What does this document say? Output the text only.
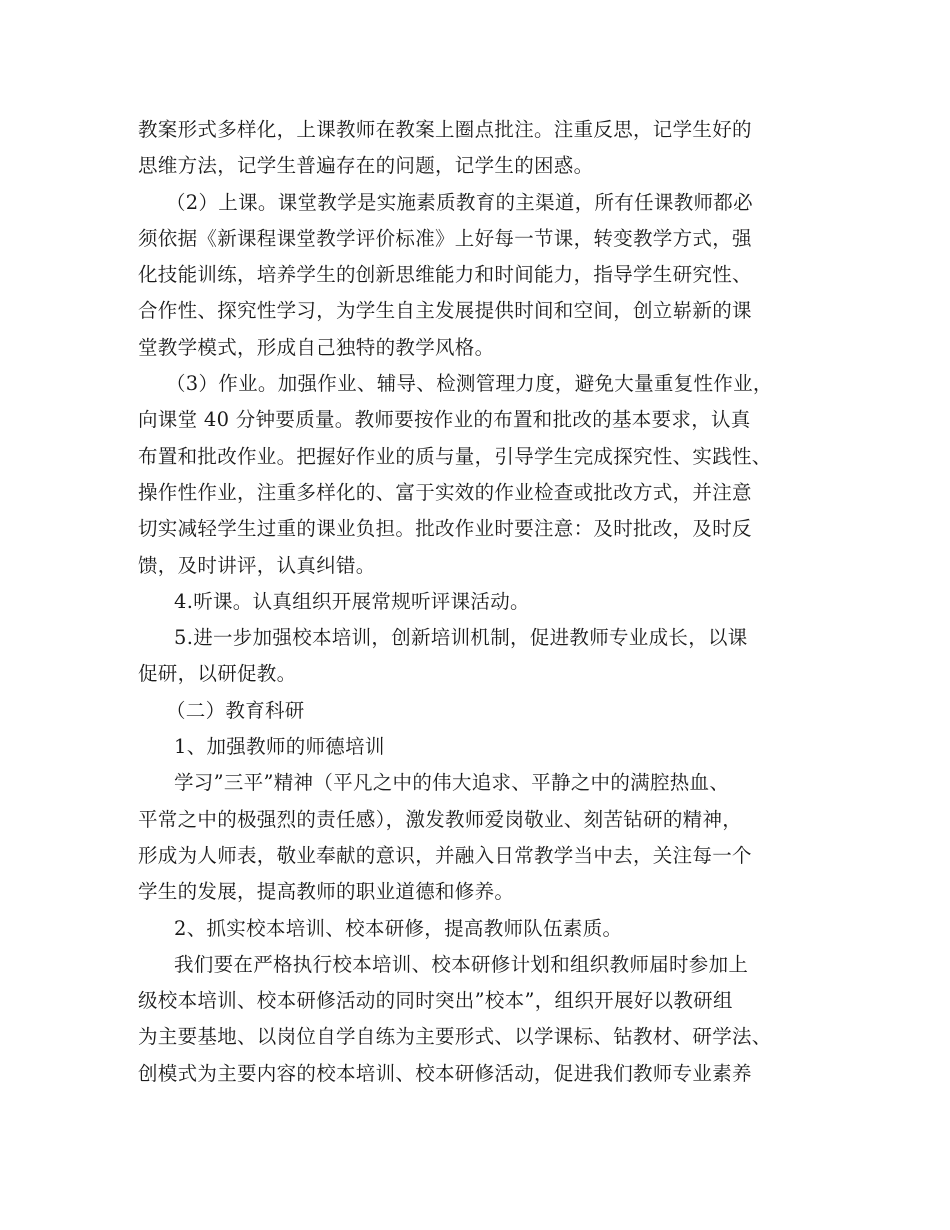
教案形式多样化，上课教师在教案上圈点批注。注重反思，记学生好的
思维方法，记学生普遍存在的问题，记学生的困惑。
（2）上课。课堂教学是实施素质教育的主渠道，所有任课教师都必
须依据《新课程课堂教学评价标准》上好每一节课，转变教学方式，强
化技能训练，培养学生的创新思维能力和时间能力，指导学生研究性、
合作性、探究性学习，为学生自主发展提供时间和空间，创立崭新的课
堂教学模式，形成自己独特的教学风格。
（3）作业。加强作业、辅导、检测管理力度，避免大量重复性作业，
向课堂 40 分钟要质量。教师要按作业的布置和批改的基本要求，认真
布置和批改作业。把握好作业的质与量，引导学生完成探究性、实践性、
操作性作业，注重多样化的、富于实效的作业检查或批改方式，并注意
切实减轻学生过重的课业负担。批改作业时要注意：及时批改，及时反
馈，及时讲评，认真纠错。
4.听课。认真组织开展常规听评课活动。
5.进一步加强校本培训，创新培训机制，促进教师专业成长，以课
促研，以研促教。
（二）教育科研
1、加强教师的师德培训
学习”三平”精神（平凡之中的伟大追求、平静之中的满腔热血、
平常之中的极强烈的责任感），激发教师爱岗敬业、刻苦钻研的精神，
形成为人师表，敬业奉献的意识，并融入日常教学当中去，关注每一个
学生的发展，提高教师的职业道德和修养。
2、抓实校本培训、校本研修，提高教师队伍素质。
我们要在严格执行校本培训、校本研修计划和组织教师届时参加上
级校本培训、校本研修活动的同时突出”校本”，组织开展好以教研组
为主要基地、以岗位自学自练为主要形式、以学课标、钻教材、研学法、
创模式为主要内容的校本培训、校本研修活动，促进我们教师专业素养
